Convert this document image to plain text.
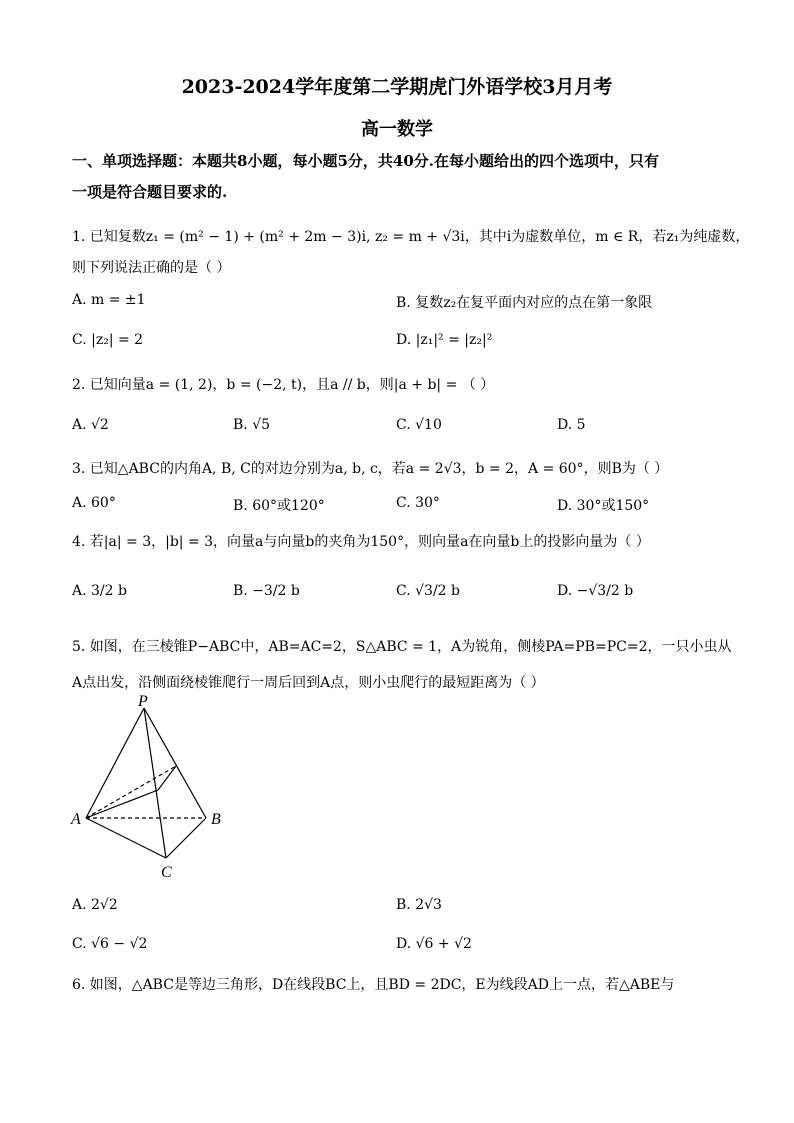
2023-2024学年度第二学期虎门外语学校3月月考
高一数学
一、单项选择题：本题共8小题，每小题5分，共40分.在每小题给出的四个选项中，只有
一项是符合题目要求的.
1. 已知复数z₁ = (m² − 1) + (m² + 2m − 3)i, z₂ = m + √3i，其中i为虚数单位，m ∈ R，若z₁为纯虚数，
则下列说法正确的是（ ）
A. m = ±1	B. 复数z₂在复平面内对应的点在第一象限
C. |z₂| = 2	D. |z₁|² = |z₂|²
2. 已知向量a = (1, 2)，b = (−2, t)，且a // b，则|a + b| = （ ）
A. √2	B. √5	C. √10	D. 5
3. 已知△ABC的内角A, B, C的对边分别为a, b, c，若a = 2√3，b = 2，A = 60°，则B为（ ）
A. 60°	B. 60°或120°	C. 30°	D. 30°或150°
4. 若|a| = 3，|b| = 3，向量a与向量b的夹角为150°，则向量a在向量b上的投影向量为（ ）
A. 3/2 b	B. −3/2 b	C. √3/2 b	D. −√3/2 b
5. 如图，在三棱锥P−ABC中，AB=AC=2，S△ABC = 1，A为锐角，侧棱PA=PB=PC=2，一只小虫从
A点出发，沿侧面绕棱锥爬行一周后回到A点，则小虫爬行的最短距离为（ ）
P
A	B
C
A. 2√2	B. 2√3
C. √6 − √2	D. √6 + √2
6. 如图，△ABC是等边三角形，D在线段BC上，且BD = 2DC，E为线段AD上一点，若△ABE与
